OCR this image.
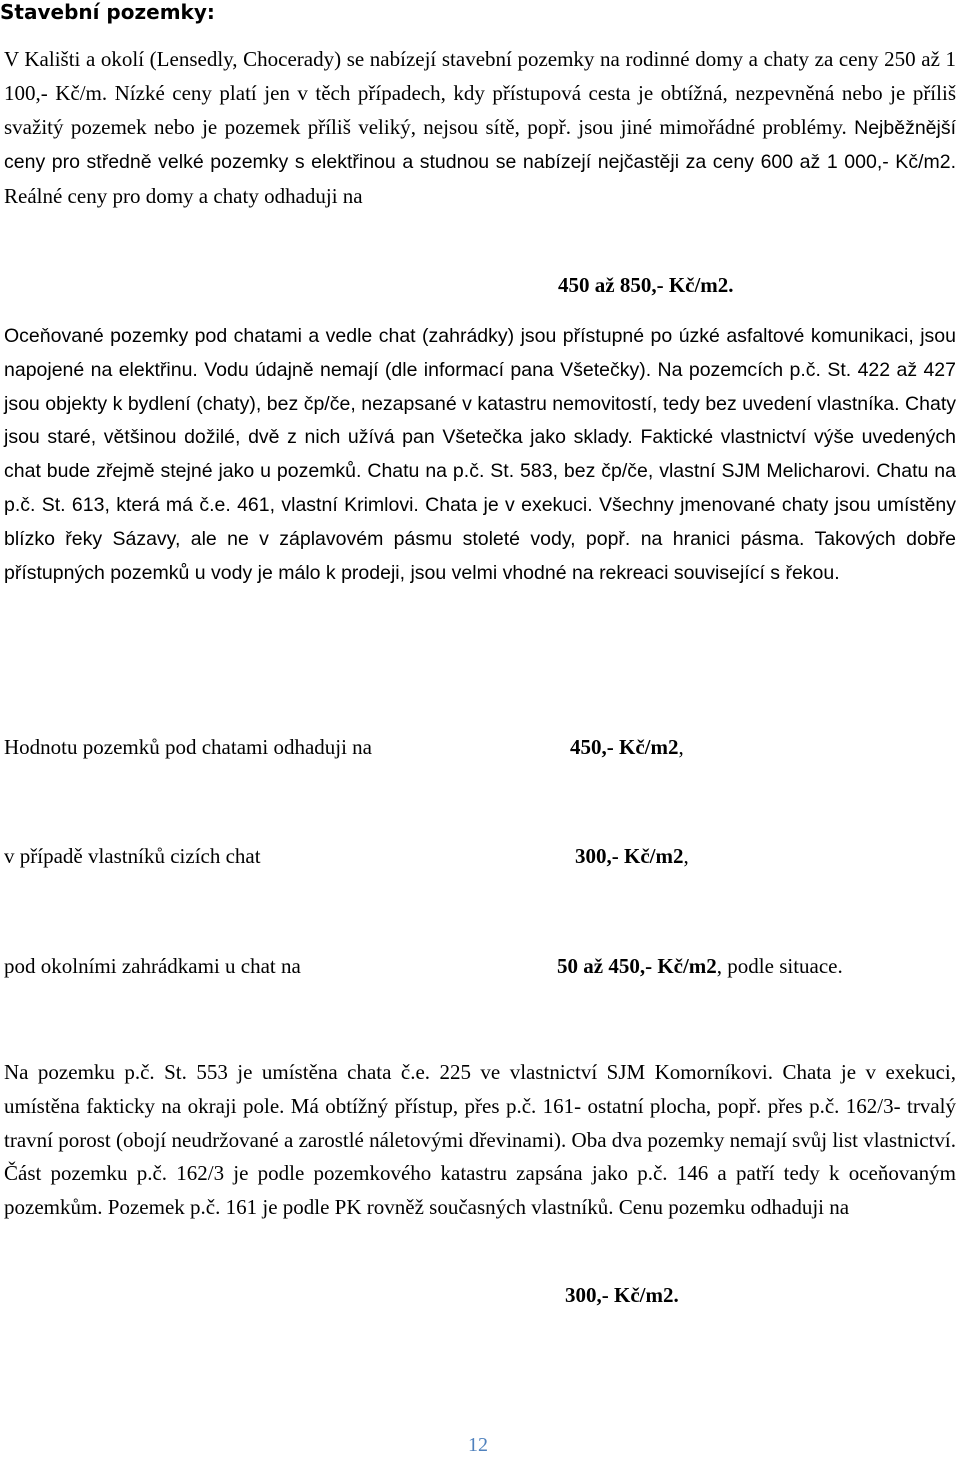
Stavební pozemky:

V Kališti a okolí (Lensedly, Chocerady) se nabízejí stavební pozemky na rodinné domy a chaty za ceny 250 až 1 100,- Kč/m. Nízké ceny platí jen v těch případech, kdy přístupová cesta je obtížná, nezpevněná nebo je příliš svažitý pozemek nebo je pozemek příliš veliký, nejsou sítě, popř. jsou jiné mimořádné problémy. Nejběžnější ceny pro středně velké pozemky s elektřinou a studnou se nabízejí nejčastěji za ceny 600 až 1 000,- Kč/m2. Reálné ceny pro domy a chaty odhaduji na

450 až 850,- Kč/m2.

Oceňované pozemky pod chatami a vedle chat (zahrádky) jsou přístupné po úzké asfaltové komunikaci, jsou napojené na elektřinu. Vodu údajně nemají (dle informací pana Všetečky). Na pozemcích p.č. St. 422 až 427 jsou objekty k bydlení (chaty), bez čp/če, nezapsané v katastru nemovitostí, tedy bez uvedení vlastníka. Chaty jsou staré, většinou dožilé, dvě z nich užívá pan Všetečka jako sklady. Faktické vlastnictví výše uvedených chat bude zřejmě stejné jako u pozemků. Chatu na p.č. St. 583, bez čp/če, vlastní SJM Melicharovi. Chatu na p.č. St. 613, která má č.e. 461, vlastní Krimlovi. Chata je v exekuci. Všechny jmenované chaty jsou umístěny blízko řeky Sázavy, ale ne v záplavovém pásmu stoleté vody, popř. na hranici pásma. Takových dobře přístupných pozemků u vody je málo k prodeji, jsou velmi vhodné na rekreaci související s řekou.

Hodnotu pozemků pod chatami odhaduji na	450,- Kč/m2,

v případě vlastníků cizích chat	300,- Kč/m2,

pod okolními zahrádkami u chat na	50 až 450,- Kč/m2, podle situace.

Na pozemku p.č. St. 553 je umístěna chata č.e. 225 ve vlastnictví SJM Komorníkovi. Chata je v exekuci, umístěna fakticky na okraji pole. Má obtížný přístup, přes p.č. 161- ostatní plocha, popř. přes p.č. 162/3- trvalý travní porost (obojí neudržované a zarostlé náletovými dřevinami). Oba dva pozemky nemají svůj list vlastnictví. Část pozemku p.č. 162/3 je podle pozemkového katastru zapsána jako p.č. 146 a patří tedy k oceňovaným pozemkům. Pozemek p.č. 161 je podle PK rovněž současných vlastníků. Cenu pozemku odhaduji na

300,- Kč/m2.

12
